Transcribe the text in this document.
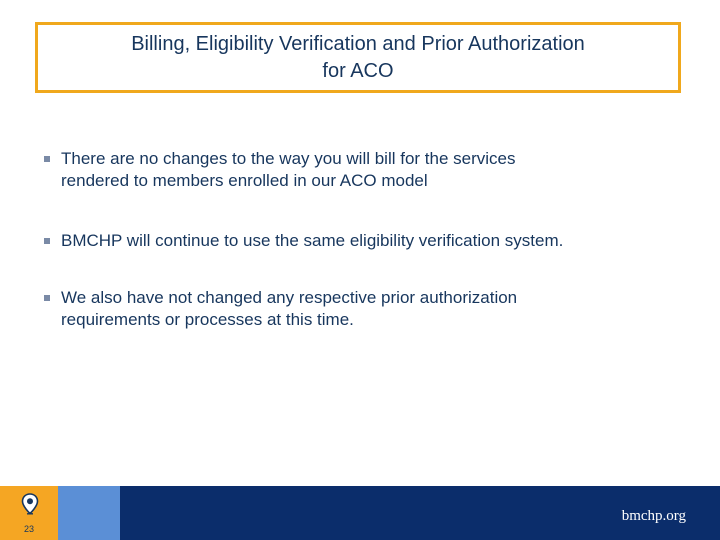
Billing, Eligibility Verification and Prior Authorization
for ACO
There are no changes to the way you will bill for the services
rendered to members enrolled in our ACO model
BMCHP will continue to use the same eligibility verification system.
We also have not changed any respective prior authorization
requirements or processes at this time.
23
bmchp.org
